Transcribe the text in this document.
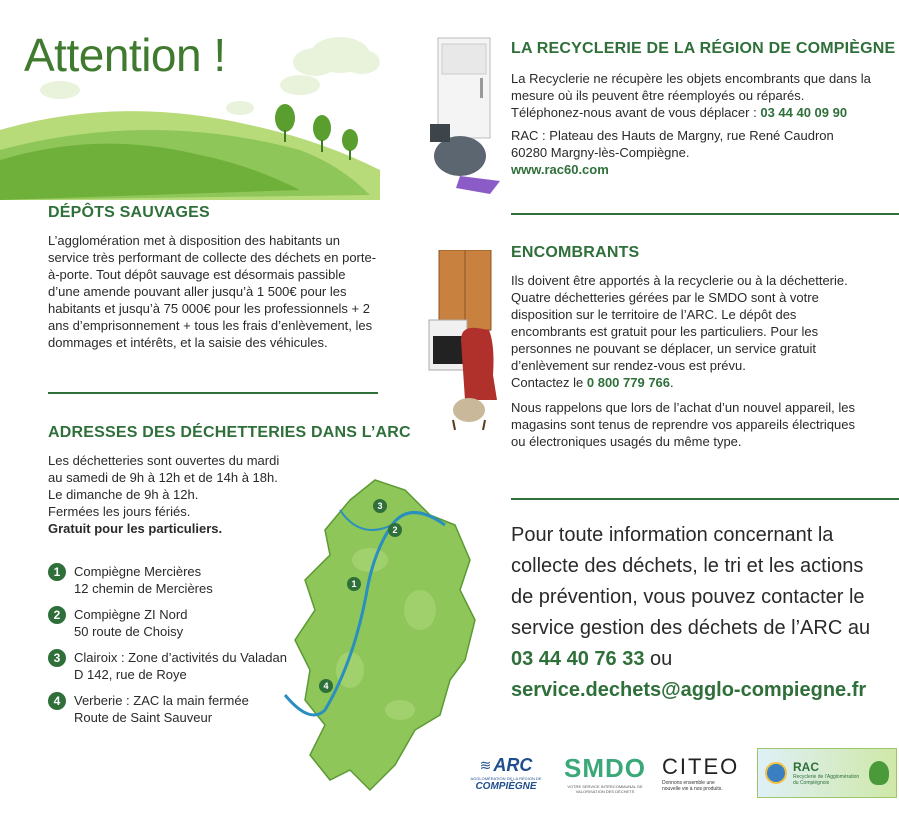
Attention !
DÉPÔTS SAUVAGES
L’agglomération met à disposition des habitants un service très performant de collecte des déchets en porte-à-porte. Tout dépôt sauvage est désormais passible d’une amende pouvant aller jusqu’à 1 500€ pour les habitants et jusqu’à 75 000€ pour les professionnels + 2 ans d’emprisonnement + tous les frais d’enlèvement, les dommages et intérêts, et la saisie des véhicules.
ADRESSES DES DÉCHETTERIES DANS L’ARC
Les déchetteries sont ouvertes du mardi
au samedi de 9h à 12h et de 14h à 18h.
Le dimanche de 9h à 12h.
Fermées les jours fériés.
Gratuit pour les particuliers.
1	Compiègne Mercières
12 chemin de Mercières
2	Compiègne ZI Nord
50 route de Choisy
3	Clairoix : Zone d’activités du Valadan
D 142, rue de Roye
4	Verberie : ZAC la main fermée
Route de Saint Sauveur
3
2
1
4
LA RECYCLERIE DE LA RÉGION DE COMPIÈGNE
La Recyclerie ne récupère les objets encombrants que dans la mesure où ils peuvent être réemployés ou réparés.
Téléphonez-nous avant de vous déplacer : 03 44 40 09 90
RAC : Plateau des Hauts de Margny, rue René Caudron
60280 Margny-lès-Compiègne.
www.rac60.com
ENCOMBRANTS
Ils doivent être apportés à la recyclerie ou à la déchetterie. Quatre déchetteries gérées par le SMDO sont à votre disposition sur le territoire de l’ARC. Le dépôt des encombrants est gratuit pour les particuliers. Pour les personnes ne pouvant se déplacer, un service gratuit d’enlèvement sur rendez-vous est prévu.
Contactez le 0 800 779 766.
Nous rappelons que lors de l’achat d’un nouvel appareil, les magasins sont tenus de reprendre vos appareils électriques ou électroniques usagés du même type.
Pour toute information concernant la collecte des déchets, le tri et les actions de prévention, vous pouvez contacter le service gestion des déchets de l’ARC au
03 44 40 76 33 ou
service.dechets@agglo-compiegne.fr
≋ ARC
AGGLOMÉRATION DE LA RÉGION DE
COMPIÈGNE
SMDO
VOTRE SERVICE INTERCOMMUNAL DE VALORISATION DES DÉCHETS
CITEO
Donnons ensemble une nouvelle vie à nos produits.
RAC
Recyclerie de l’Agglomération du Compiégnois
